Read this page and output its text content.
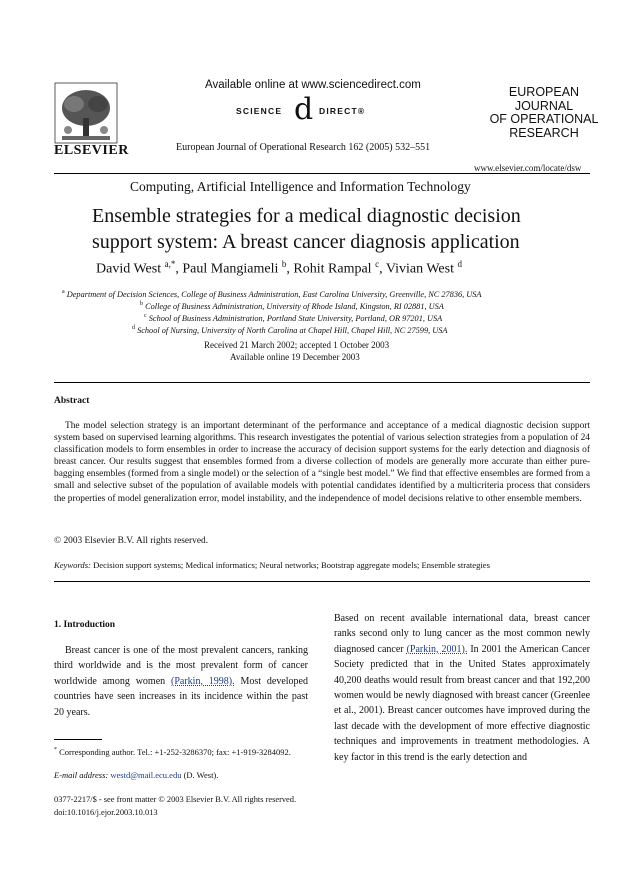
Available online at www.sciencedirect.com
SCIENCE d DIRECT®
ELSEVIER	European Journal of Operational Research 162 (2005) 532–551
EUROPEAN
JOURNAL
OF OPERATIONAL
RESEARCH
www.elsevier.com/locate/dsw
Computing, Artificial Intelligence and Information Technology
Ensemble strategies for a medical diagnostic decision
support system: A breast cancer diagnosis application
David West $^{a,*}$, Paul Mangiameli $^b$, Rohit Rampal $^c$, Vivian West $^d$
$^a$ Department of Decision Sciences, College of Business Administration, East Carolina University, Greenville, NC 27836, USA
$^b$ College of Business Administration, University of Rhode Island, Kingston, RI 02881, USA
$^c$ School of Business Administration, Portland State University, Portland, OR 97201, USA
$^d$ School of Nursing, University of North Carolina at Chapel Hill, Chapel Hill, NC 27599, USA
Received 21 March 2002; accepted 1 October 2003
Available online 19 December 2003
Abstract

The model selection strategy is an important determinant of the performance and acceptance of a medical diagnostic decision support system based on supervised learning algorithms. This research investigates the potential of various selection strategies from a population of 24 classification models to form ensembles in order to increase the accuracy of decision support systems for the early detection and diagnosis of breast cancer. Our results suggest that ensembles formed from a diverse collection of models are generally more accurate than either pure-bagging ensembles (formed from a single model) or the selection of a “single best model.” We find that effective ensembles are formed from a small and selective subset of the population of available models with potential candidates identified by a multicriteria process that considers the properties of model generalization error, model instability, and the independence of model decisions relative to other ensemble members.

© 2003 Elsevier B.V. All rights reserved.
Keywords: Decision support systems; Medical informatics; Neural networks; Bootstrap aggregate models; Ensemble strategies
1. Introduction

Breast cancer is one of the most prevalent cancers, ranking third worldwide and is the most prevalent form of cancer worldwide among women (Parkin, 1998). Most developed countries have seen increases in its incidence within the past 20 years.

Based on recent available international data, breast cancer ranks second only to lung cancer as the most common newly diagnosed cancer (Parkin, 2001). In 2001 the American Cancer Society predicted that in the United States approximately 40,200 deaths would result from breast cancer and that 192,200 women would be newly diagnosed with breast cancer (Greenlee et al., 2001). Breast cancer outcomes have improved during the last decade with the development of more effective diagnostic techniques and improvements in treatment methodologies. A key factor in this trend is the early detection and

* Corresponding author. Tel.: +1-252-3286370; fax: +1-919-3284092.
E-mail address: westd@mail.ecu.edu (D. West).
0377-2217/$ - see front matter © 2003 Elsevier B.V. All rights reserved.
doi:10.1016/j.ejor.2003.10.013
